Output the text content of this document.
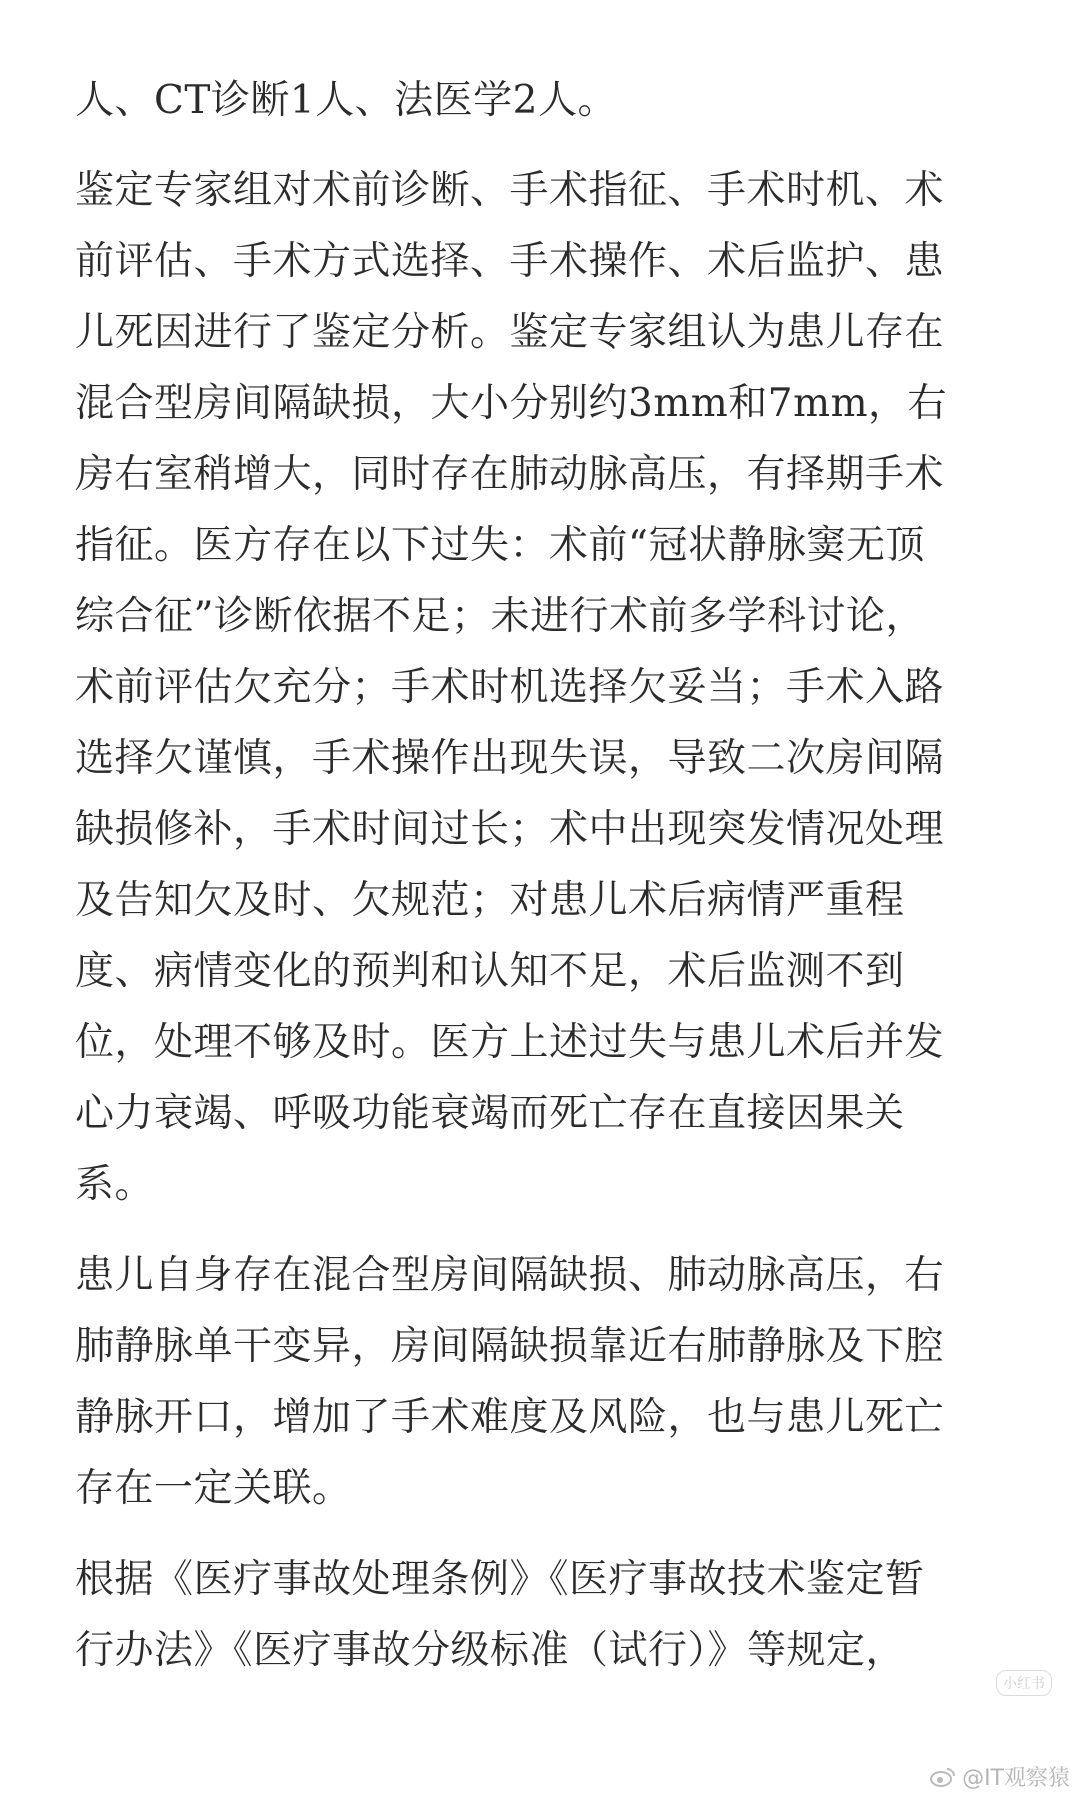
人、CT诊断1人、法医学2人。
鉴定专家组对术前诊断、手术指征、手术时机、术
前评估、手术方式选择、手术操作、术后监护、患
儿死因进行了鉴定分析。鉴定专家组认为患儿存在
混合型房间隔缺损，大小分别约3mm和7mm，右
房右室稍增大，同时存在肺动脉高压，有择期手术
指征。医方存在以下过失：术前“冠状静脉窦无顶
综合征”诊断依据不足；未进行术前多学科讨论，
术前评估欠充分；手术时机选择欠妥当；手术入路
选择欠谨慎，手术操作出现失误，导致二次房间隔
缺损修补，手术时间过长；术中出现突发情况处理
及告知欠及时、欠规范；对患儿术后病情严重程
度、病情变化的预判和认知不足，术后监测不到
位，处理不够及时。医方上述过失与患儿术后并发
心力衰竭、呼吸功能衰竭而死亡存在直接因果关
系。
患儿自身存在混合型房间隔缺损、肺动脉高压，右
肺静脉单干变异，房间隔缺损靠近右肺静脉及下腔
静脉开口，增加了手术难度及风险，也与患儿死亡
存在一定关联。
根据《医疗事故处理条例》《医疗事故技术鉴定暂
行办法》《医疗事故分级标准（试行）》等规定，
小红书
@IT观察猿
